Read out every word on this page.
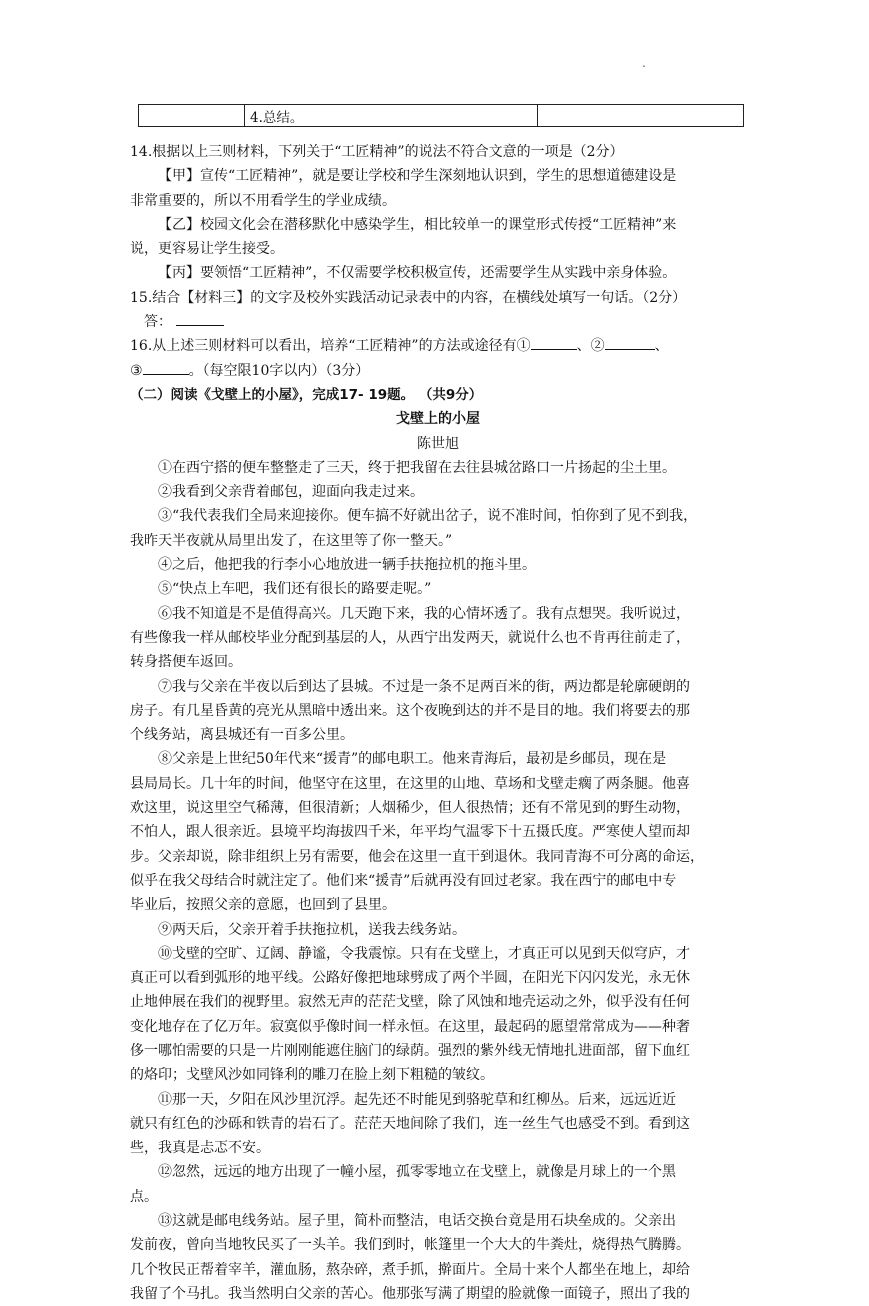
.
	4.总结。	
14.根据以上三则材料，下列关于“工匠精神”的说法不符合文意的一项是（2分）
【甲】宣传“工匠精神”，就是要让学校和学生深刻地认识到，学生的思想道德建设是
非常重要的，所以不用看学生的学业成绩。
【乙】校园文化会在潜移默化中感染学生，相比较单一的课堂形式传授“工匠精神”来
说，更容易让学生接受。
【丙】要领悟“工匠精神”，不仅需要学校积极宣传，还需要学生从实践中亲身体验。
15.结合【材料三】的文字及校外实践活动记录表中的内容，在横线处填写一句话。（2分）
答：
16.从上述三则材料可以看出，培养“工匠精神”的方法或途径有①	、②	、
③	。（每空限10字以内）（3分）
（二）阅读《戈壁上的小屋》，完成17- 19题。 （共9分）
戈壁上的小屋
陈世旭
①在西宁搭的便车整整走了三天，终于把我留在去往县城岔路口一片扬起的尘土里。
②我看到父亲背着邮包，迎面向我走过来。
③“我代表我们全局来迎接你。便车搞不好就出岔子，说不准时间，怕你到了见不到我，
我昨天半夜就从局里出发了，在这里等了你一整天。”
④之后，他把我的行李小心地放进一辆手扶拖拉机的拖斗里。
⑤“快点上车吧，我们还有很长的路要走呢。”
⑥我不知道是不是值得高兴。几天跑下来，我的心情坏透了。我有点想哭。我听说过，
有些像我一样从邮校毕业分配到基层的人，从西宁出发两天，就说什么也不肯再往前走了，
转身搭便车返回。
⑦我与父亲在半夜以后到达了县城。不过是一条不足两百米的街，两边都是轮廓硬朗的
房子。有几星昏黄的亮光从黑暗中透出来。这个夜晚到达的并不是目的地。我们将要去的那
个线务站，离县城还有一百多公里。
⑧父亲是上世纪50年代来“援青”的邮电职工。他来青海后，最初是乡邮员，现在是
县局局长。几十年的时间，他坚守在这里，在这里的山地、草场和戈壁走瘸了两条腿。他喜
欢这里，说这里空气稀薄，但很清新；人烟稀少，但人很热情；还有不常见到的野生动物，
不怕人，跟人很亲近。县境平均海拔四千米，年平均气温零下十五摄氏度。严寒使人望而却
步。父亲却说，除非组织上另有需要，他会在这里一直干到退休。我同青海不可分离的命运，
似乎在我父母结合时就注定了。他们来“援青”后就再没有回过老家。我在西宁的邮电中专
毕业后，按照父亲的意愿，也回到了县里。
⑨两天后，父亲开着手扶拖拉机，送我去线务站。
⑩戈壁的空旷、辽阔、静谧，令我震惊。只有在戈壁上，才真正可以见到天似穹庐，才
真正可以看到弧形的地平线。公路好像把地球劈成了两个半圆，在阳光下闪闪发光，永无休
止地伸展在我们的视野里。寂然无声的茫茫戈壁，除了风蚀和地壳运动之外，似乎没有任何
变化地存在了亿万年。寂寞似乎像时间一样永恒。在这里，最起码的愿望常常成为——种奢
侈一哪怕需要的只是一片刚刚能遮住脑门的绿荫。强烈的紫外线无情地扎进面部，留下血红
的烙印；戈壁风沙如同锋利的雕刀在脸上刻下粗糙的皱纹。
⑪那一天，夕阳在风沙里沉浮。起先还不时能见到骆驼草和红柳丛。后来，远远近近
就只有红色的沙砾和铁青的岩石了。茫茫天地间除了我们，连一丝生气也感受不到。看到这
些，我真是忐忑不安。
⑫忽然，远远的地方出现了一幢小屋，孤零零地立在戈壁上，就像是月球上的一个黑
点。
⑬这就是邮电线务站。屋子里，简朴而整洁，电话交换台竟是用石块垒成的。父亲出
发前夜，曾向当地牧民买了一头羊。我们到时，帐篷里一个大大的牛粪灶，烧得热气腾腾。
几个牧民正帮着宰羊，灌血肠，熬杂碎，煮手抓，擀面片。全局十来个人都坐在地上，却给
我留了个马扎。我当然明白父亲的苦心。他那张写满了期望的脸就像一面镜子，照出了我的
